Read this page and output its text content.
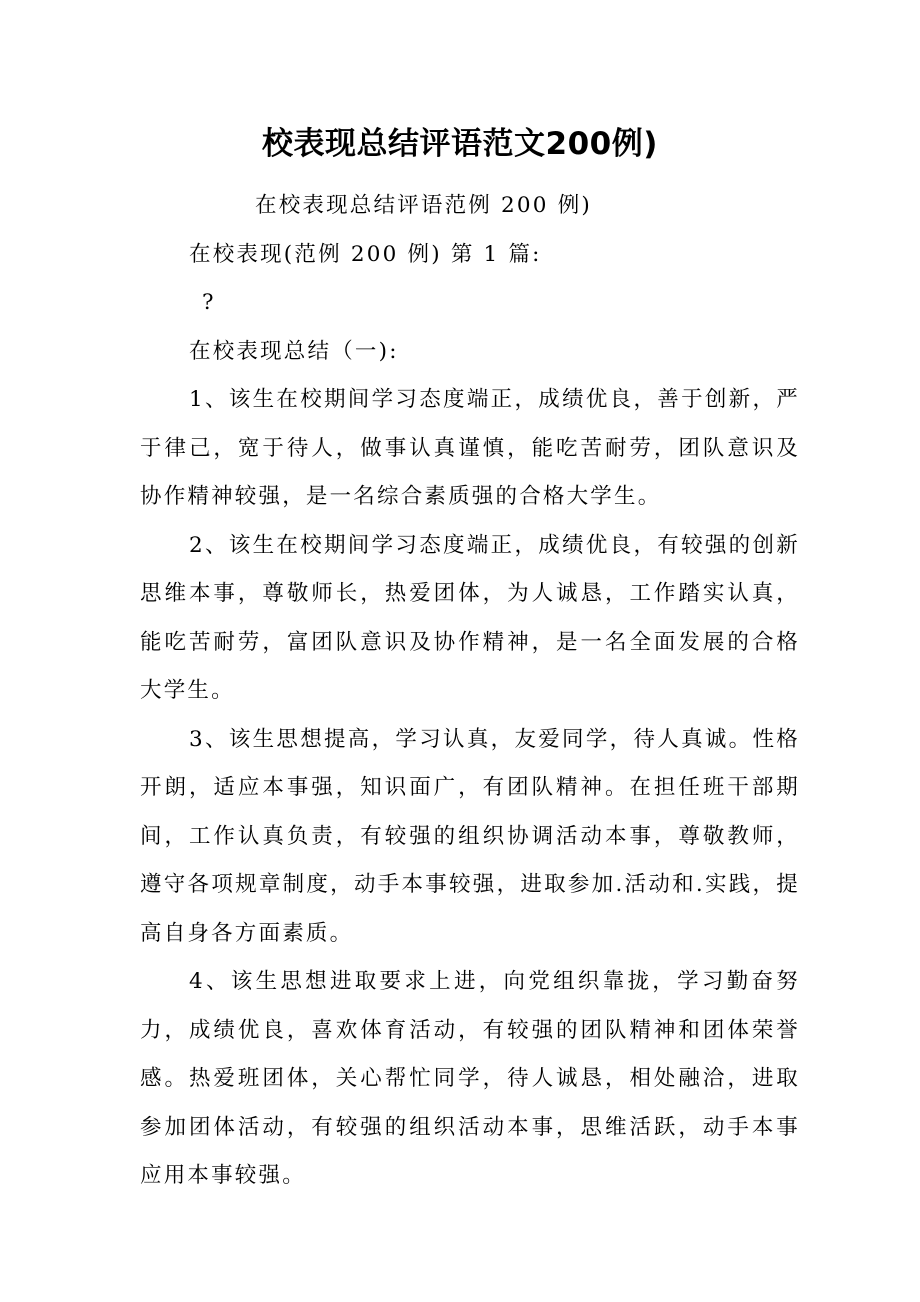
校表现总结评语范文200例)

在校表现总结评语范例 200 例)

在校表现(范例 200 例) 第 1 篇:

?

在校表现总结（一):

1、该生在校期间学习态度端正，成绩优良，善于创新，严于律己，宽于待人，做事认真谨慎，能吃苦耐劳，团队意识及协作精神较强，是一名综合素质强的合格大学生。

2、该生在校期间学习态度端正，成绩优良，有较强的创新思维本事，尊敬师长，热爱团体，为人诚恳，工作踏实认真，能吃苦耐劳，富团队意识及协作精神，是一名全面发展的合格大学生。

3、该生思想提高，学习认真，友爱同学，待人真诚。性格开朗，适应本事强，知识面广，有团队精神。在担任班干部期间，工作认真负责，有较强的组织协调活动本事，尊敬教师，遵守各项规章制度，动手本事较强，进取参加.活动和.实践，提高自身各方面素质。

4、该生思想进取要求上进，向党组织靠拢，学习勤奋努力，成绩优良，喜欢体育活动，有较强的团队精神和团体荣誉感。热爱班团体，关心帮忙同学，待人诚恳，相处融洽，进取参加团体活动，有较强的组织活动本事，思维活跃，动手本事应用本事较强。
